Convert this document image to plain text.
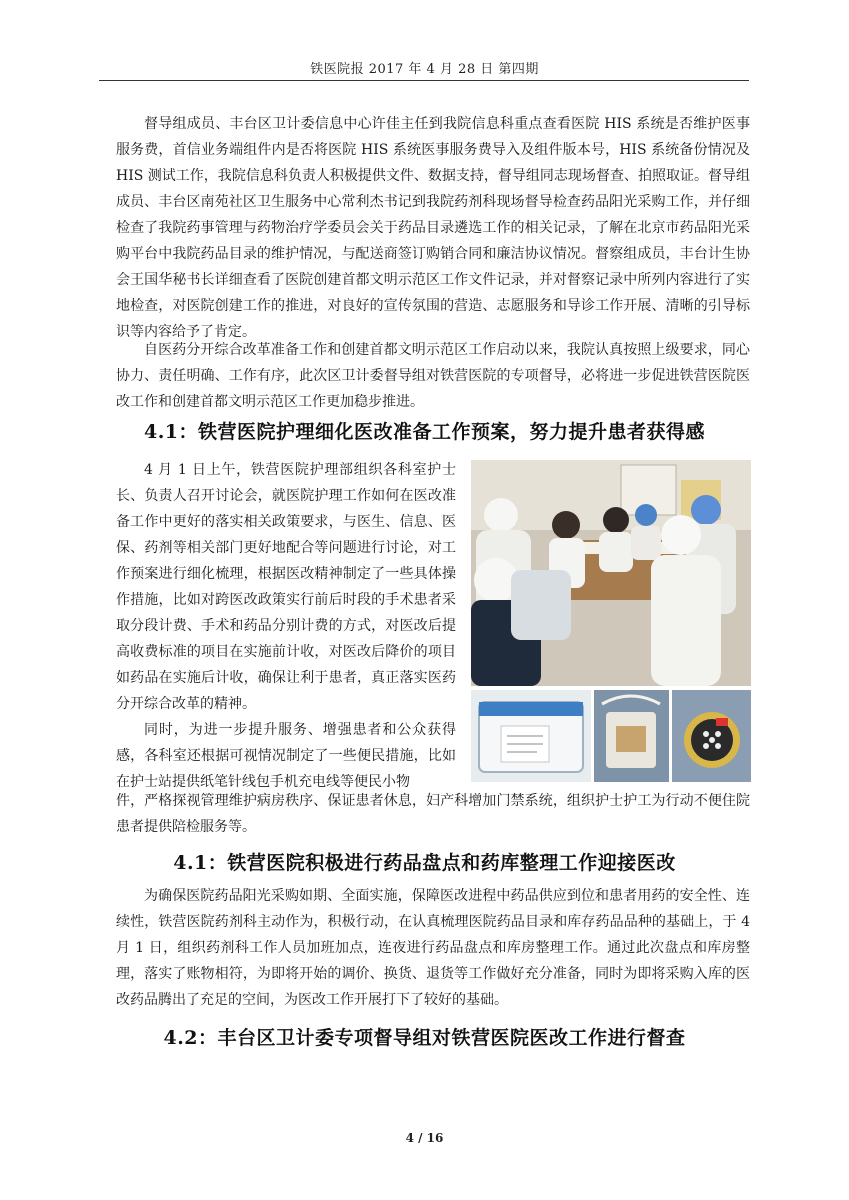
铁医院报 2017 年 4 月 28 日 第四期

督导组成员、丰台区卫计委信息中心许佳主任到我院信息科重点查看医院 HIS 系统是否维护医事服务费，首信业务端组件内是否将医院 HIS 系统医事服务费导入及组件版本号，HIS 系统备份情况及 HIS 测试工作，我院信息科负责人积极提供文件、数据支持，督导组同志现场督查、拍照取证。督导组成员、丰台区南苑社区卫生服务中心常利杰书记到我院药剂科现场督导检查药品阳光采购工作，并仔细检查了我院药事管理与药物治疗学委员会关于药品目录遴选工作的相关记录，了解在北京市药品阳光采购平台中我院药品目录的维护情况，与配送商签订购销合同和廉洁协议情况。督察组成员，丰台计生协会王国华秘书长详细查看了医院创建首都文明示范区工作文件记录，并对督察记录中所列内容进行了实地检查，对医院创建工作的推进，对良好的宣传氛围的营造、志愿服务和导诊工作开展、清晰的引导标识等内容给予了肯定。

自医药分开综合改革准备工作和创建首都文明示范区工作启动以来，我院认真按照上级要求，同心协力、责任明确、工作有序，此次区卫计委督导组对铁营医院的专项督导，必将进一步促进铁营医院医改工作和创建首都文明示范区工作更加稳步推进。

4.1：铁营医院护理细化医改准备工作预案，努力提升患者获得感

4 月 1 日上午，铁营医院护理部组织各科室护士长、负责人召开讨论会，就医院护理工作如何在医改准备工作中更好的落实相关政策要求，与医生、信息、医保、药剂等相关部门更好地配合等问题进行讨论，对工作预案进行细化梳理，根据医改精神制定了一些具体操作措施，比如对跨医改政策实行前后时段的手术患者采取分段计费、手术和药品分别计费的方式，对医改后提高收费标准的项目在实施前计收，对医改后降价的项目如药品在实施后计收，确保让利于患者，真正落实医药分开综合改革的精神。

同时，为进一步提升服务、增强患者和公众获得感，各科室还根据可视情况制定了一些便民措施，比如在护士站提供纸笔针线包手机充电线等便民小物

件，严格探视管理维护病房秩序、保证患者休息，妇产科增加门禁系统，组织护士护工为行动不便住院患者提供陪检服务等。

4.1：铁营医院积极进行药品盘点和药库整理工作迎接医改

为确保医院药品阳光采购如期、全面实施，保障医改进程中药品供应到位和患者用药的安全性、连续性，铁营医院药剂科主动作为，积极行动，在认真梳理医院药品目录和库存药品品种的基础上，于 4 月 1 日，组织药剂科工作人员加班加点，连夜进行药品盘点和库房整理工作。通过此次盘点和库房整理，落实了账物相符，为即将开始的调价、换货、退货等工作做好充分准备，同时为即将采购入库的医改药品腾出了充足的空间，为医改工作开展打下了较好的基础。

4.2：丰台区卫计委专项督导组对铁营医院医改工作进行督查
4 / 16
